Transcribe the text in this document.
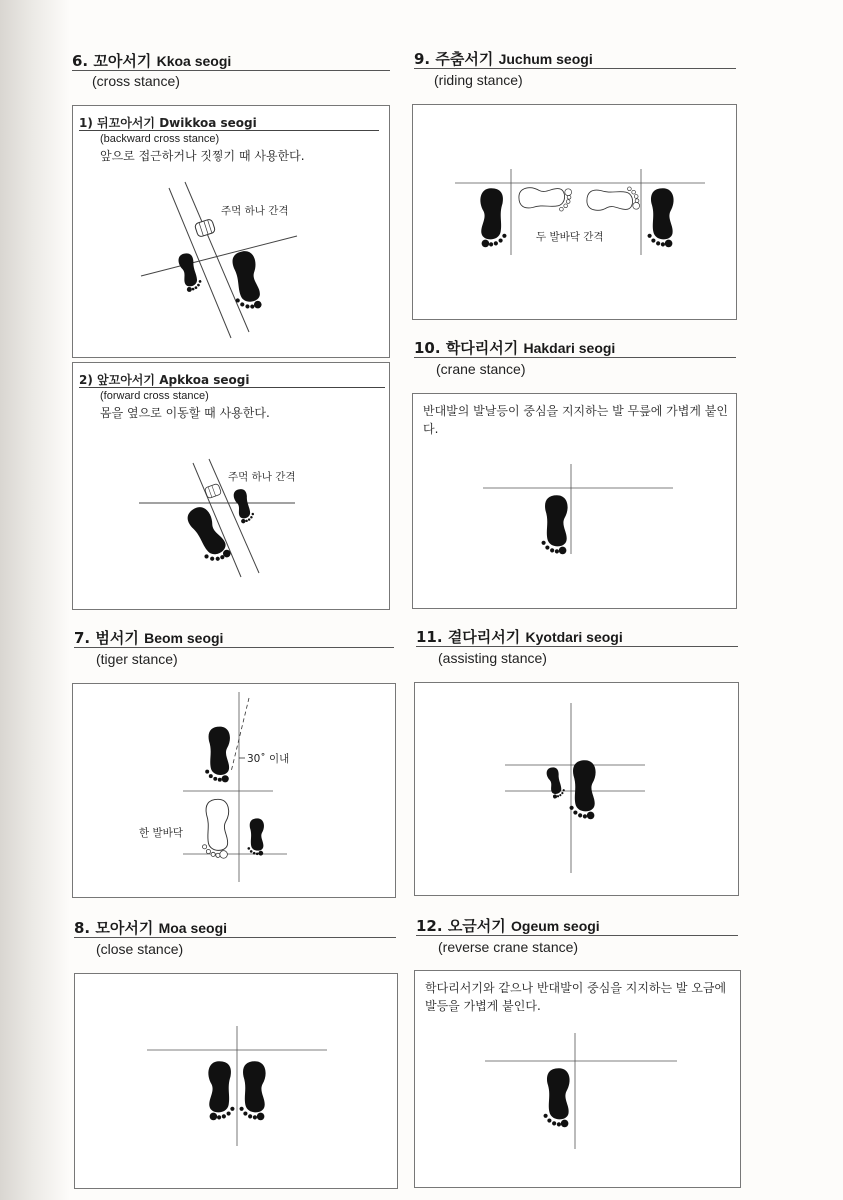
6. 꼬아서기 Kkoa seogi
(cross stance)
1) 뒤꼬아서기 Dwikkoa seogi
(backward cross stance)
앞으로 접근하거나 짓찧기 때 사용한다.
주먹 하나 간격
2) 앞꼬아서기 Apkkoa seogi
(forward cross stance)
몸을 옆으로 이동할 때 사용한다.
주먹 하나 간격
7. 범서기 Beom seogi
(tiger stance)
30˚ 이내
한 발바닥
8. 모아서기 Moa seogi
(close stance)
9. 주춤서기 Juchum seogi
(riding stance)
두 발바닥 간격
10. 학다리서기 Hakdari seogi
(crane stance)
반대발의 발날등이 중심을 지지하는 발 무릎에 가볍게 붙인다.
11. 곁다리서기 Kyotdari seogi
(assisting stance)
12. 오금서기 Ogeum seogi
(reverse crane stance)
학다리서기와 같으나 반대발이 중심을 지지하는 발 오금에 발등을 가볍게 붙인다.
